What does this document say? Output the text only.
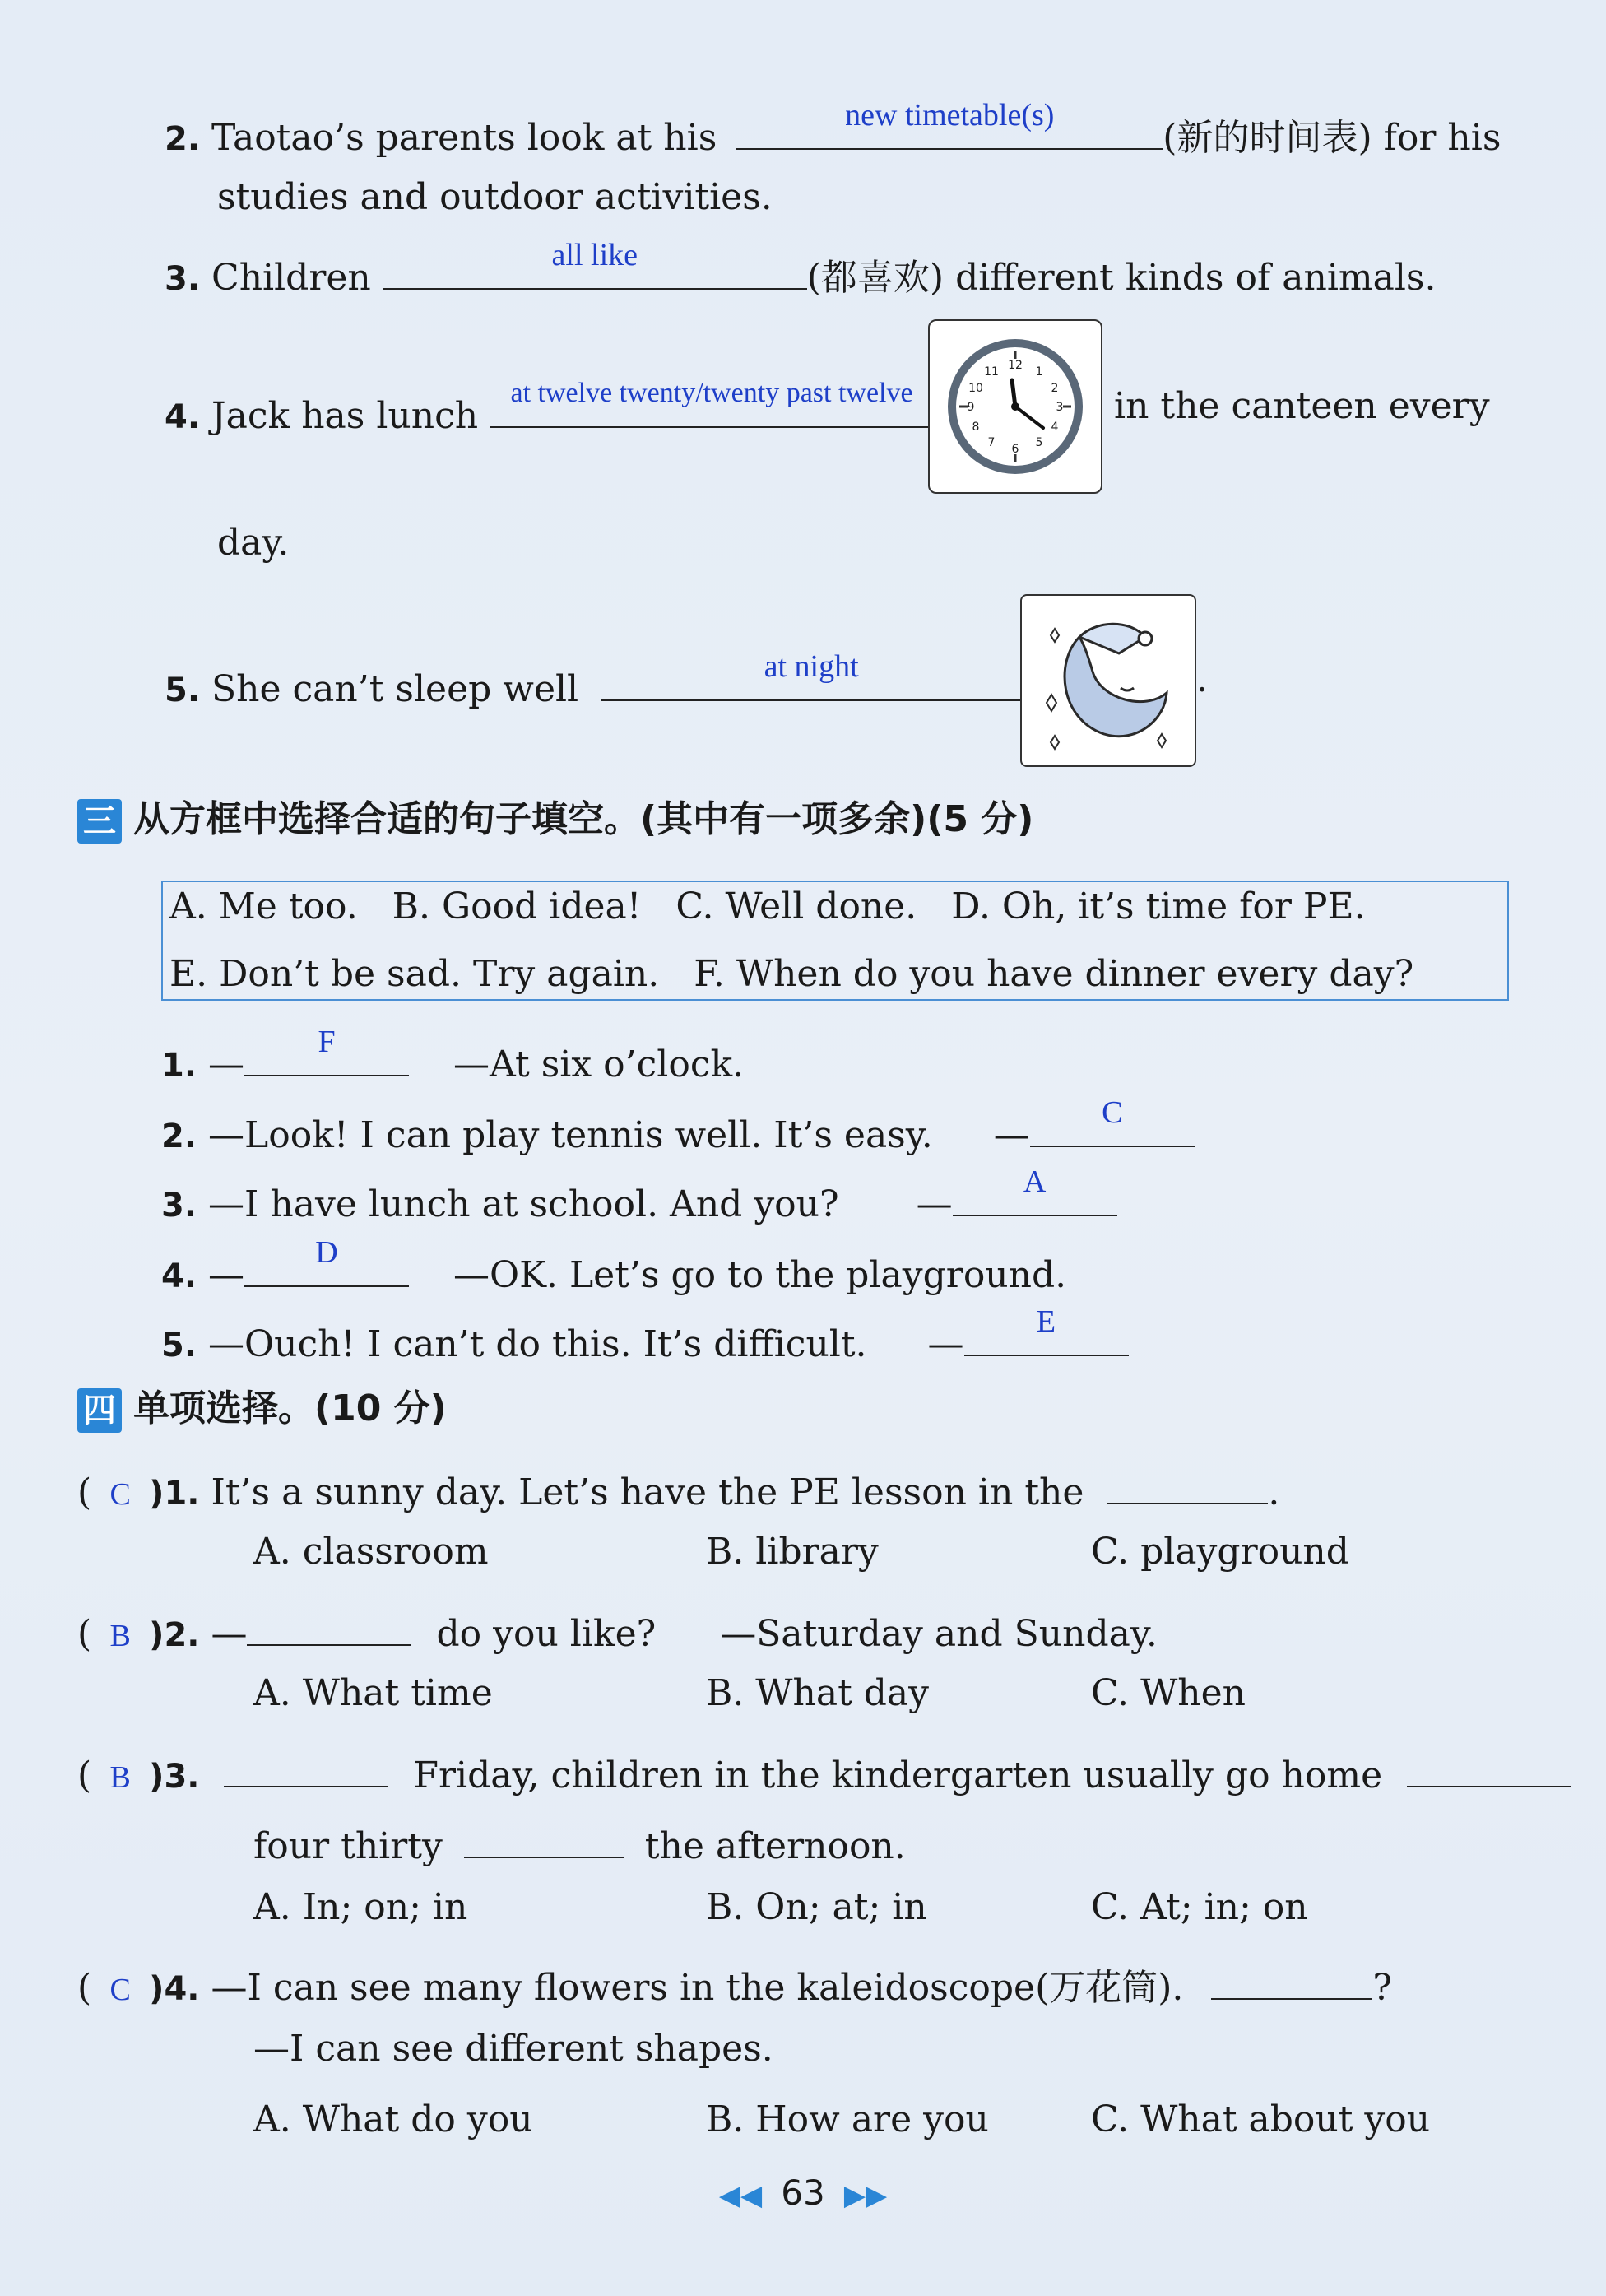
2. Taotao’s parents look at his
new timetable(s)
(新的时间表) for his
studies and outdoor activities.
3. Children
all like
(都喜欢) different kinds of animals.
4. Jack has lunch
at twelve twenty/twenty past twelve
12 1
2
3
4
5
6
7
8
9
10
11
in the canteen every
day.
5. She can’t sleep well
at night	.
三 从方框中选择合适的句子填空。(其中有一项多余)(5 分)
A. Me too.   B. Good idea!   C. Well done.   D. Oh, it’s time for PE.
E. Don’t be sad. Try again.   F. When do you have dinner every day?
1. —
F
—At six o’clock.
2. —Look! I can play tennis well. It’s easy. —
C
3. —I have lunch at school. And you? —
A
4. —
D
—OK. Let’s go to the playground.
5. —Ouch! I can’t do this. It’s difficult. —
E
四 单项选择。(10 分)
( C )1. It’s a sunny day. Let’s have the PE lesson in the	.
A. classroom	B. library	C. playground
( B )2. —	do you like? —Saturday and Sunday.
A. What time	B. What day	C. When
( B )3.	Friday, children in the kindergarten usually go home
four thirty	the afternoon.
A. In; on; in	B. On; at; in	C. At; in; on
( C )4. —I can see many flowers in the kaleidoscope(万花筒).	?
—I can see different shapes.
A. What do you	B. How are you	C. What about you
◀◀ 63 ▶▶
